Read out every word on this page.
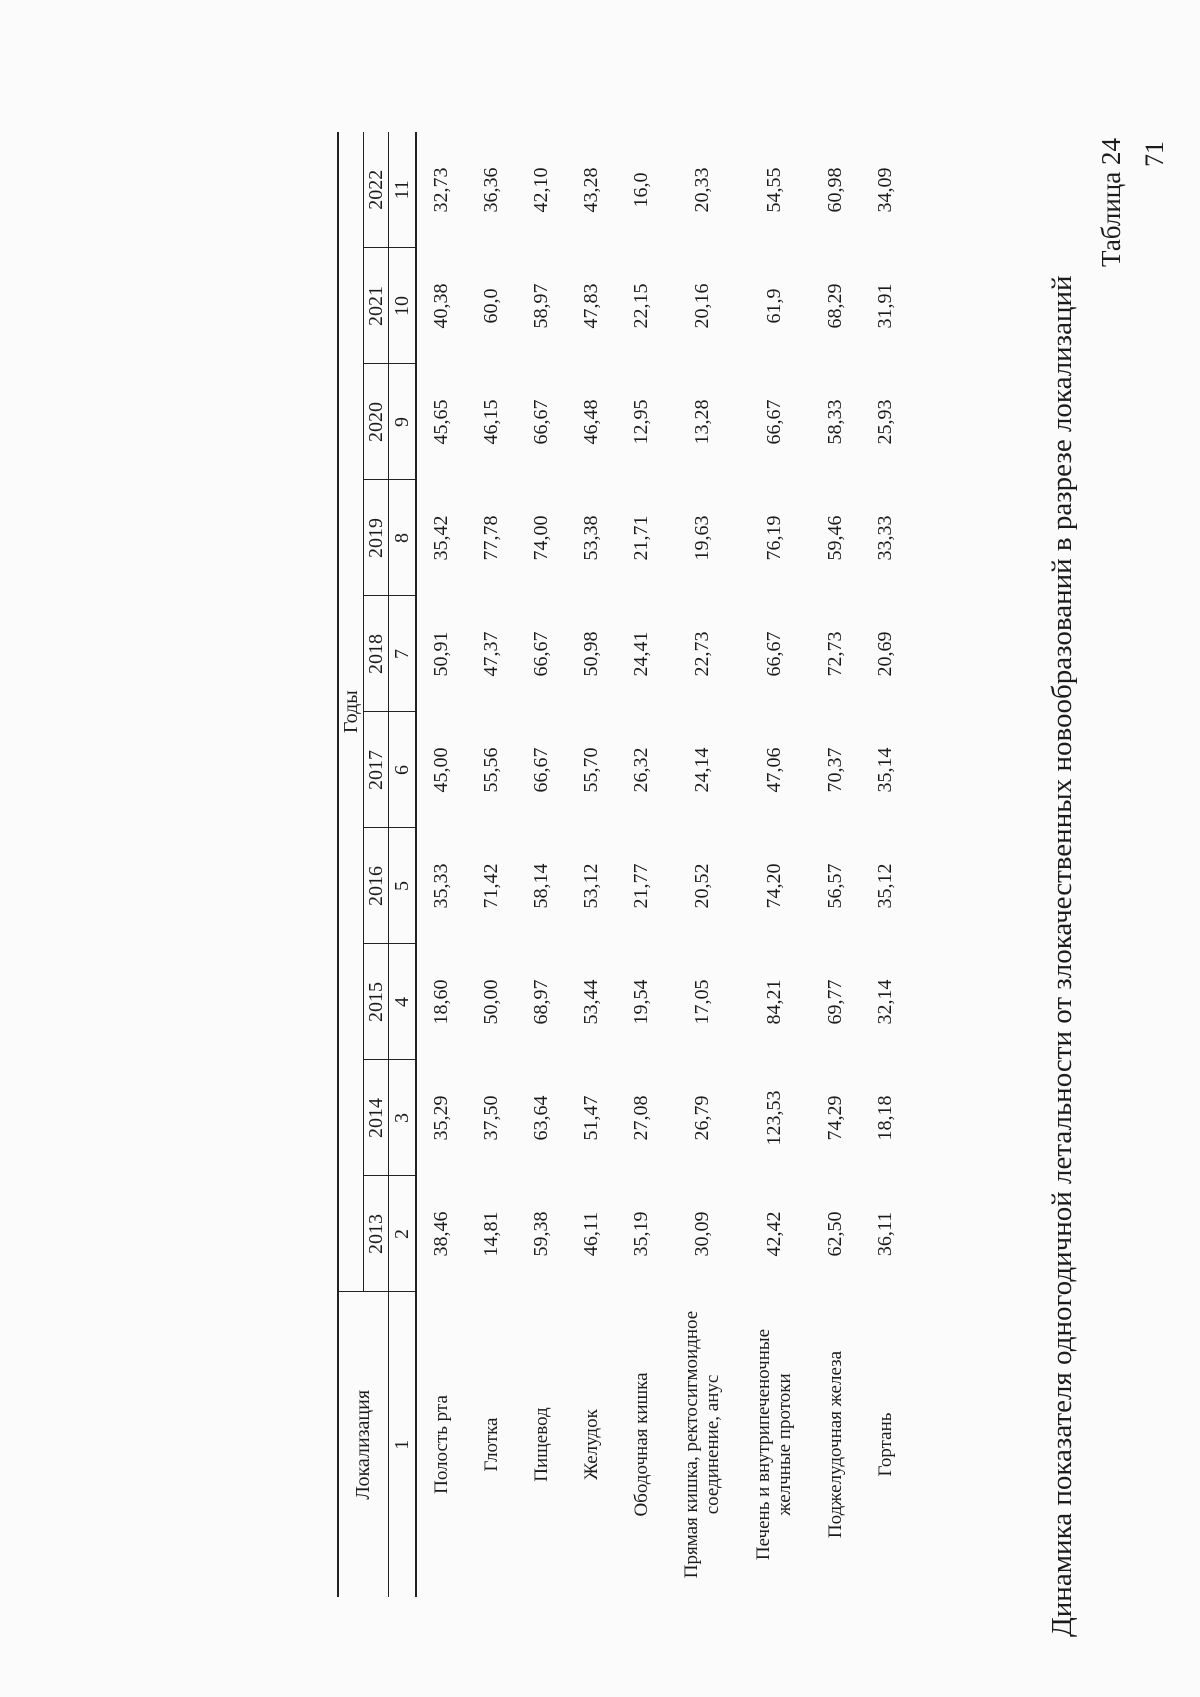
71
Таблица 24
Динамика показателя одногодичной летальности от злокачественных новообразований в разрезе локализаций
Локализация	Годы									
	2013	2014	2015	2016	2017	2018	2019	2020	2021	2022
1	2	3	4	5	6	7	8	9	10	11
Полость рта	38,46	35,29	18,60	35,33	45,00	50,91	35,42	45,65	40,38	32,73
Глотка	14,81	37,50	50,00	71,42	55,56	47,37	77,78	46,15	60,0	36,36
Пищевод	59,38	63,64	68,97	58,14	66,67	66,67	74,00	66,67	58,97	42,10
Желудок	46,11	51,47	53,44	53,12	55,70	50,98	53,38	46,48	47,83	43,28
Ободочная кишка	35,19	27,08	19,54	21,77	26,32	24,41	21,71	12,95	22,15	16,0
Прямая кишка, ректосигмоидное соединение, анус	30,09	26,79	17,05	20,52	24,14	22,73	19,63	13,28	20,16	20,33
Печень и внутрипеченочные желчные протоки	42,42	123,53	84,21	74,20	47,06	66,67	76,19	66,67	61,9	54,55
Поджелудочная железа	62,50	74,29	69,77	56,57	70,37	72,73	59,46	58,33	68,29	60,98
Гортань	36,11	18,18	32,14	35,12	35,14	20,69	33,33	25,93	31,91	34,09
